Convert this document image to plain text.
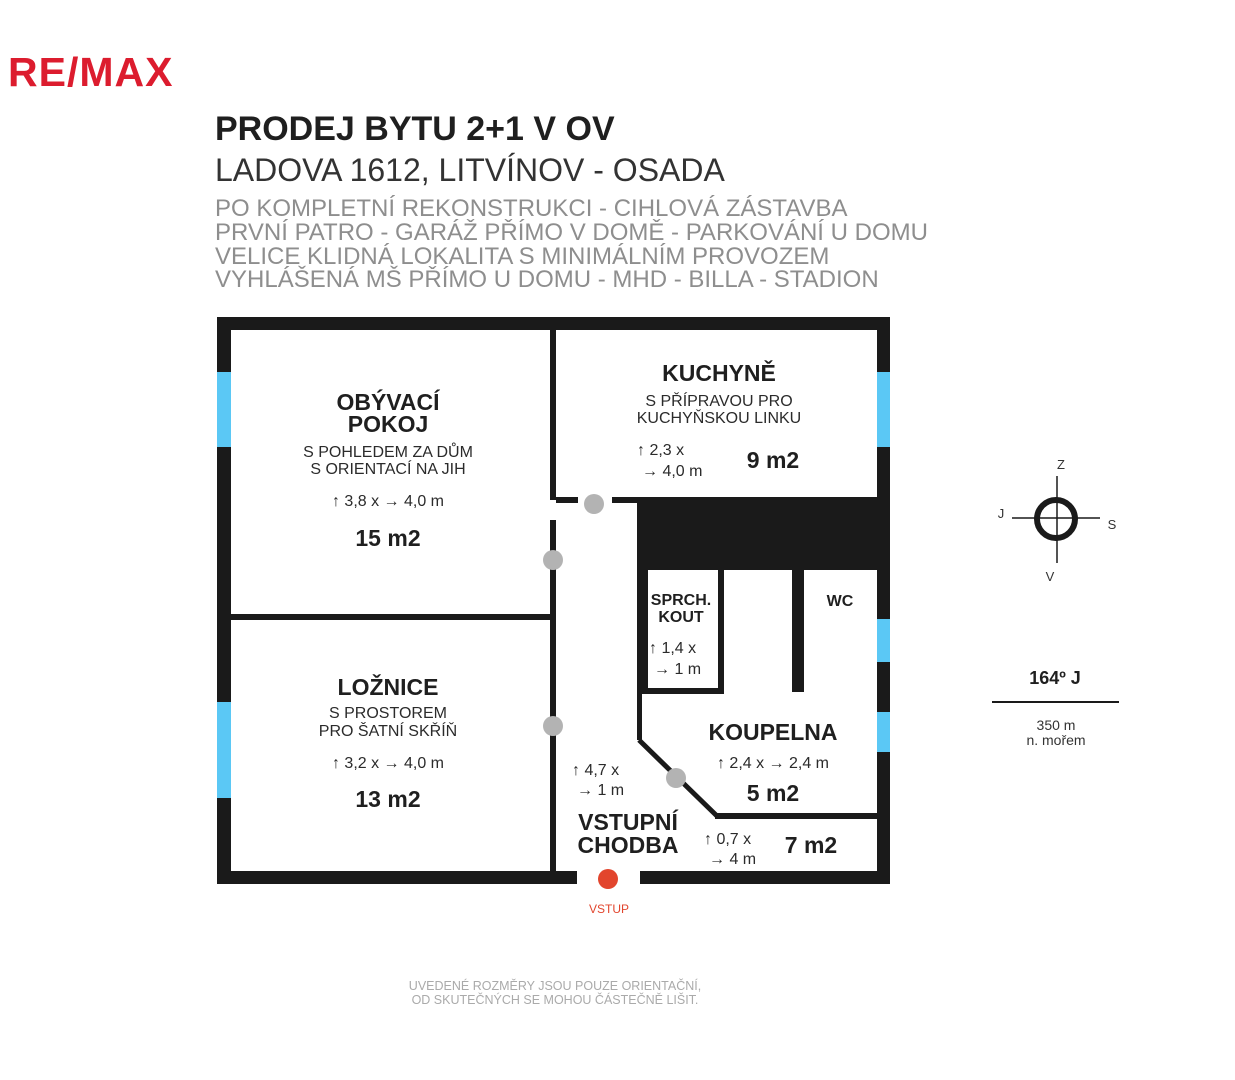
RE/MAX
PRODEJ BYTU 2+1 V OV
LADOVA 1612, LITVÍNOV - OSADA
PO KOMPLETNÍ REKONSTRUKCI - CIHLOVÁ ZÁSTAVBA
PRVNÍ PATRO - GARÁŽ PŘÍMO V DOMĚ - PARKOVÁNÍ U DOMU
VELICE KLIDNÁ LOKALITA S MINIMÁLNÍM PROVOZEM
VYHLÁŠENÁ MŠ PŘÍMO U DOMU - MHD - BILLA - STADION
OBÝVACÍ
POKOJ
S POHLEDEM ZA DŮM
S ORIENTACÍ NA JIH
↑ 3,8 x → 4,0 m
15 m2
KUCHYNĚ
S PŘÍPRAVOU PRO
KUCHYŇSKOU LINKU
↑ 2,3 x
→ 4,0 m 9 m2
LOŽNICE
S PROSTOREM
PRO ŠATNÍ SKŘÍŇ
↑ 3,2 x → 4,0 m
13 m2
SPRCH.
KOUT
↑ 1,4 x
→ 1 m
WC
KOUPELNA
↑ 2,4 x → 2,4 m
5 m2
↑ 4,7 x
→ 1 m
VSTUPNÍ
CHODBA ↑ 0,7 x
→ 4 m
7 m2
Z
S
V
J
164º J
350 m
n. mořem
VSTUP
UVEDENÉ ROZMĚRY JSOU POUZE ORIENTAČNÍ,
OD SKUTEČNÝCH SE MOHOU ČÁSTEČNĚ LIŠIT.
